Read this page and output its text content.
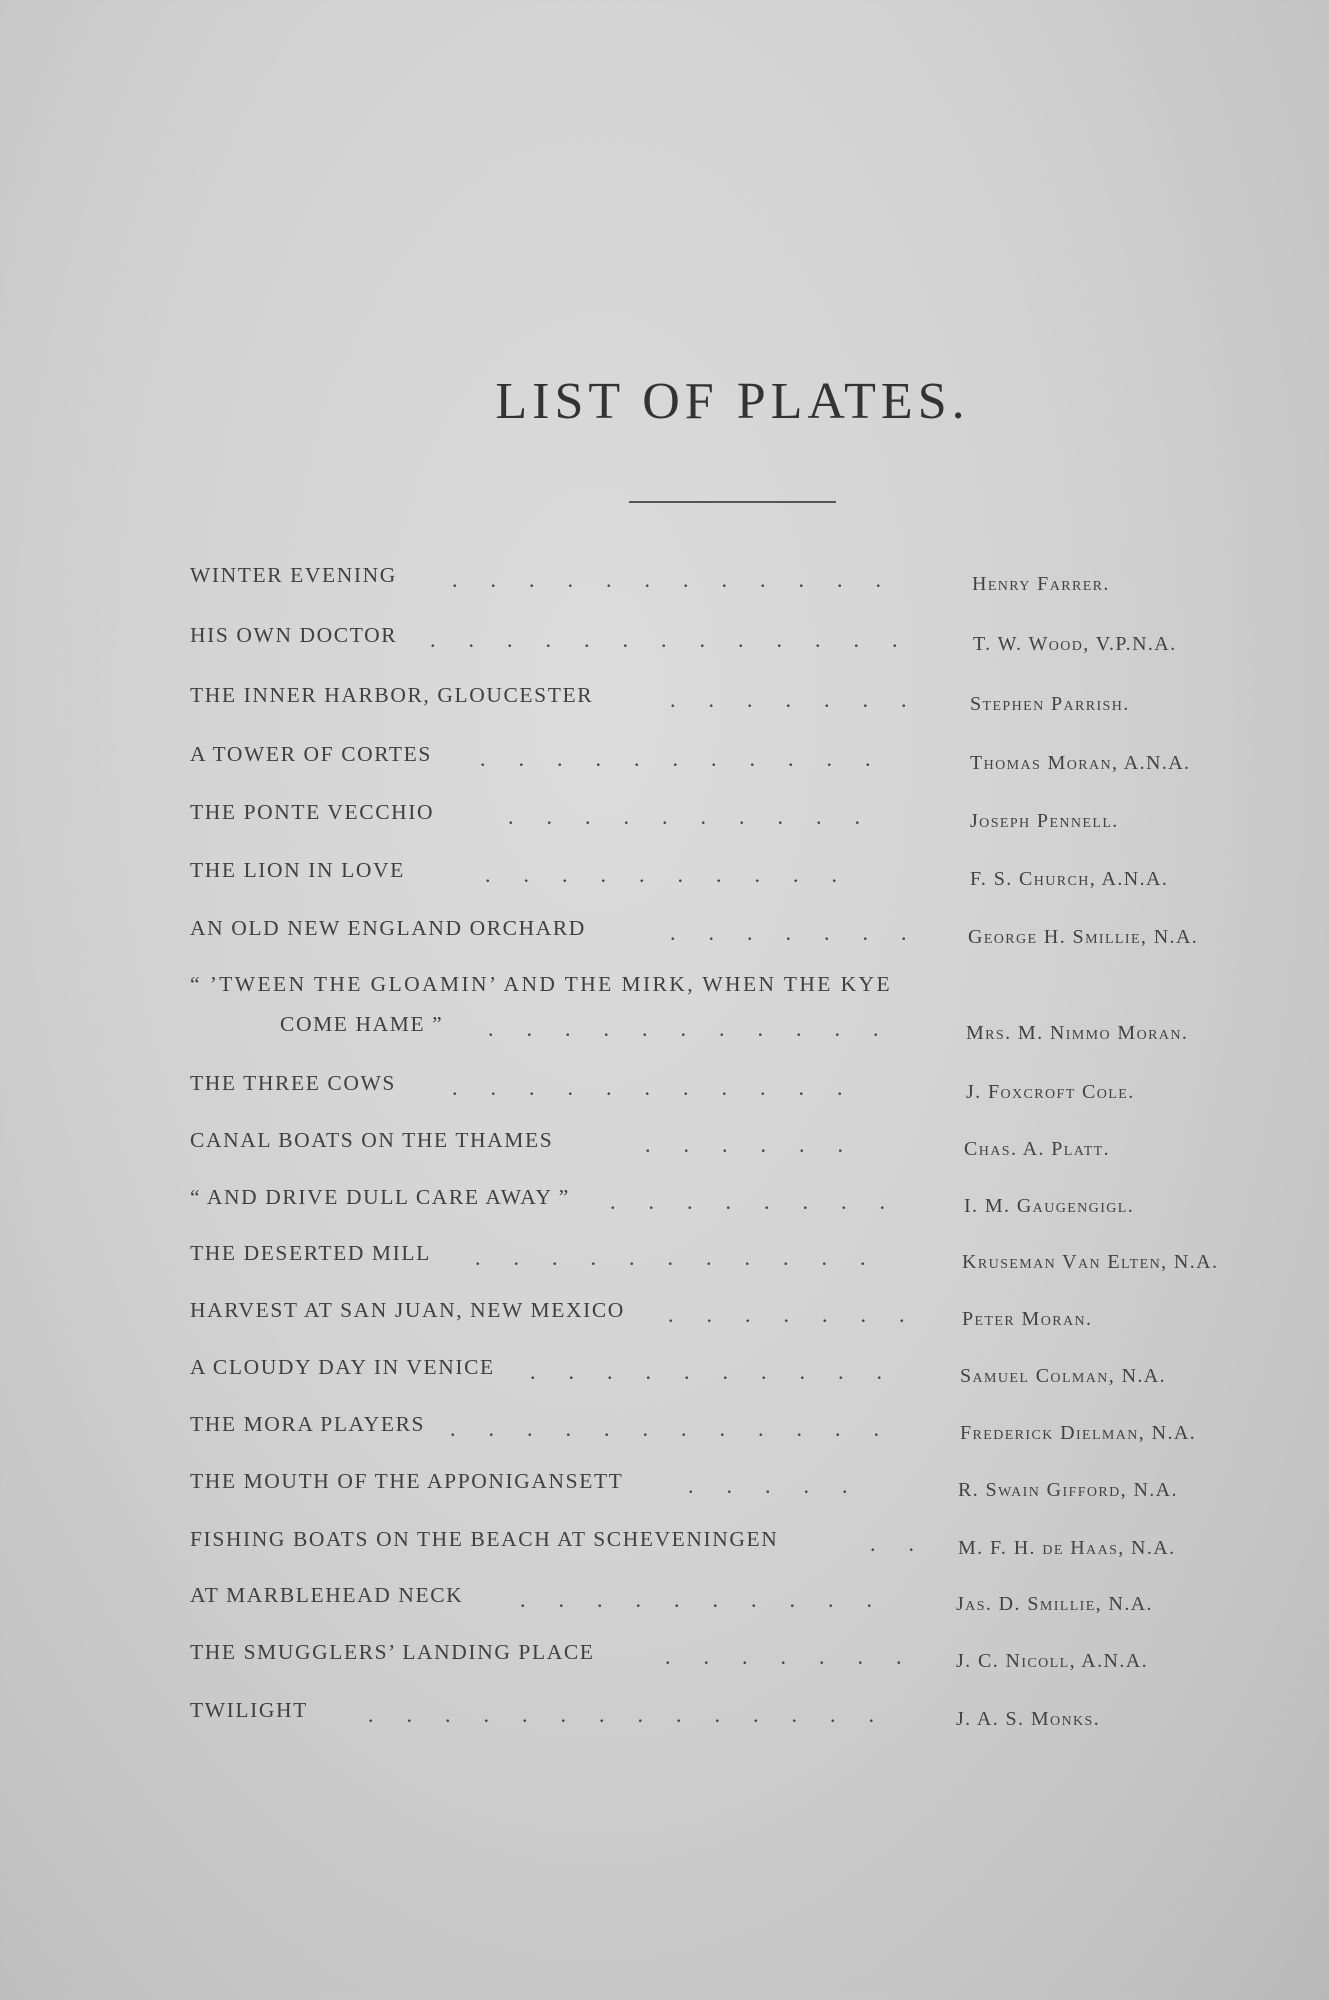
LIST OF PLATES.
WINTER EVENING	.      .      .      .      .      .      .      .      .      .      .      .	Henry Farrer.
HIS OWN DOCTOR .      .      .      .      .      .      .      .      .      .      .      .      .	T. W. Wood, V.P.N.A.
THE INNER HARBOR, GLOUCESTER	.      .      .      .      .      .      .	Stephen Parrish.
A TOWER OF CORTES .      .      .      .      .      .      .      .      .      .      .	Thomas Moran, A.N.A.
THE PONTE VECCHIO	.      .      .      .      .      .      .      .      .      .	Joseph Pennell.
THE LION IN LOVE	.      .      .      .      .      .      .      .      .      .	F. S. Church, A.N.A.
AN OLD NEW ENGLAND ORCHARD	.      .      .      .      .      .      .	George H. Smillie, N.A.
“ ’TWEEN THE GLOAMIN’ AND THE MIRK, WHEN THE KYE
COME HAME ” .      .      .      .      .      .      .      .      .      .      .	Mrs. M. Nimmo Moran.
THE THREE COWS	.      .      .      .      .      .      .      .      .      .      .	J. Foxcroft Cole.
CANAL BOATS ON THE THAMES	.      .      .      .      .      .	Chas. A. Platt.
“ AND DRIVE DULL CARE AWAY ” .      .      .      .      .      .      .      .	I. M. Gaugengigl.
THE DESERTED MILL .      .      .      .      .      .      .      .      .      .      .	Kruseman Van Elten, N.A.
HARVEST AT SAN JUAN, NEW MEXICO .      .      .      .      .      .      .	Peter Moran.
A CLOUDY DAY IN VENICE .      .      .      .      .      .      .      .      .      .	Samuel Colman, N.A.
THE MORA PLAYERS .      .      .      .      .      .      .      .      .      .      .      .	Frederick Dielman, N.A.
THE MOUTH OF THE APPONIGANSETT	.      .      .      .      .	R. Swain Gifford, N.A.
FISHING BOATS ON THE BEACH AT SCHEVENINGEN	.      .	M. F. H. de Haas, N.A.
AT MARBLEHEAD NECK	.      .      .      .      .      .      .      .      .      .	Jas. D. Smillie, N.A.
THE SMUGGLERS’ LANDING PLACE	.      .      .      .      .      .      .	J. C. Nicoll, A.N.A.
TWILIGHT	.      .      .      .      .      .      .      .      .      .      .      .      .      .	J. A. S. Monks.
